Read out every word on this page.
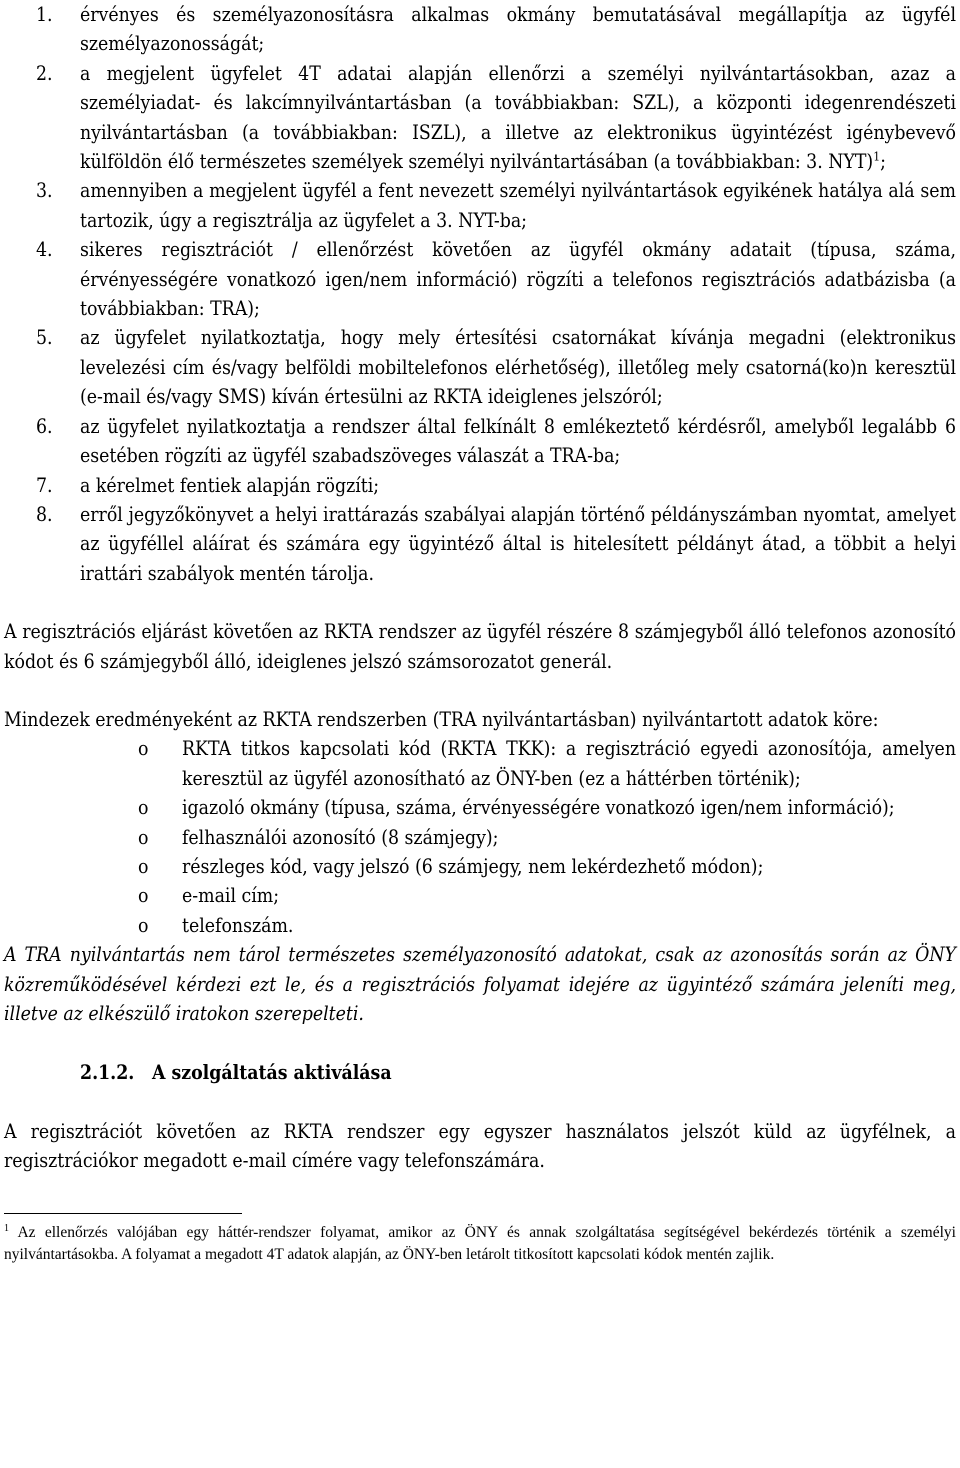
1.	érvényes és személyazonosításra alkalmas okmány bemutatásával megállapítja az ügyfél személyazonosságát;
2.	a megjelent ügyfelet 4T adatai alapján ellenőrzi a személyi nyilvántartásokban, azaz a személyiadat- és lakcímnyilvántartásban (a továbbiakban: SZL), a központi idegenrendészeti nyilvántartásban (a továbbiakban: ISZL), a illetve az elektronikus ügyintézést igénybevevő külföldön élő természetes személyek személyi nyilvántartásában (a továbbiakban: 3. NYT)$^1$;
3.	amennyiben a megjelent ügyfél a fent nevezett személyi nyilvántartások egyikének hatálya alá sem tartozik, úgy a regisztrálja az ügyfelet a 3. NYT-ba;
4.	sikeres regisztrációt / ellenőrzést követően az ügyfél okmány adatait (típusa, száma, érvényességére vonatkozó igen/nem információ) rögzíti a telefonos regisztrációs adatbázisba (a továbbiakban: TRA);
5.	az ügyfelet nyilatkoztatja, hogy mely értesítési csatornákat kívánja megadni (elektronikus levelezési cím és/vagy belföldi mobiltelefonos elérhetőség), illetőleg mely csatorná(ko)n keresztül (e-mail és/vagy SMS) kíván értesülni az RKTA ideiglenes jelszóról;
6.	az ügyfelet nyilatkoztatja a rendszer által felkínált 8 emlékeztető kérdésről, amelyből legalább 6 esetében rögzíti az ügyfél szabadszöveges válaszát a TRA-ba;
7.	a kérelmet fentiek alapján rögzíti;
8.	erről jegyzőkönyvet a helyi irattárazás szabályai alapján történő példányszámban nyomtat, amelyet az ügyféllel aláírat és számára egy ügyintéző által is hitelesített példányt átad, a többit a helyi irattári szabályok mentén tárolja.

A regisztrációs eljárást követően az RKTA rendszer az ügyfél részére 8 számjegyből álló telefonos azonosító kódot és 6 számjegyből álló, ideiglenes jelszó számsorozatot generál.

Mindezek eredményeként az RKTA rendszerben (TRA nyilvántartásban) nyilvántartott adatok köre:

o	RKTA titkos kapcsolati kód (RKTA TKK): a regisztráció egyedi azonosítója, amelyen keresztül az ügyfél azonosítható az ÖNY-ben (ez a háttérben történik);
o	igazoló okmány (típusa, száma, érvényességére vonatkozó igen/nem információ);
o	felhasználói azonosító (8 számjegy);
o	részleges kód, vagy jelszó (6 számjegy, nem lekérdezhető módon);
o	e-mail cím;
o	telefonszám.

A TRA nyilvántartás nem tárol természetes személyazonosító adatokat, csak az azonosítás során az ÖNY közreműködésével kérdezi ezt le, és a regisztrációs folyamat idejére az ügyintéző számára jeleníti meg, illetve az elkészülő iratokon szerepelteti.

2.1.2. A szolgáltatás aktiválása

A regisztrációt követően az RKTA rendszer egy egyszer használatos jelszót küld az ügyfélnek, a regisztrációkor megadott e-mail címére vagy telefonszámára.

$^1$ Az ellenőrzés valójában egy háttér-rendszer folyamat, amikor az ÖNY és annak szolgáltatása segítségével bekérdezés történik a személyi nyilvántartásokba. A folyamat a megadott 4T adatok alapján, az ÖNY-ben letárolt titkosított kapcsolati kódok mentén zajlik.
